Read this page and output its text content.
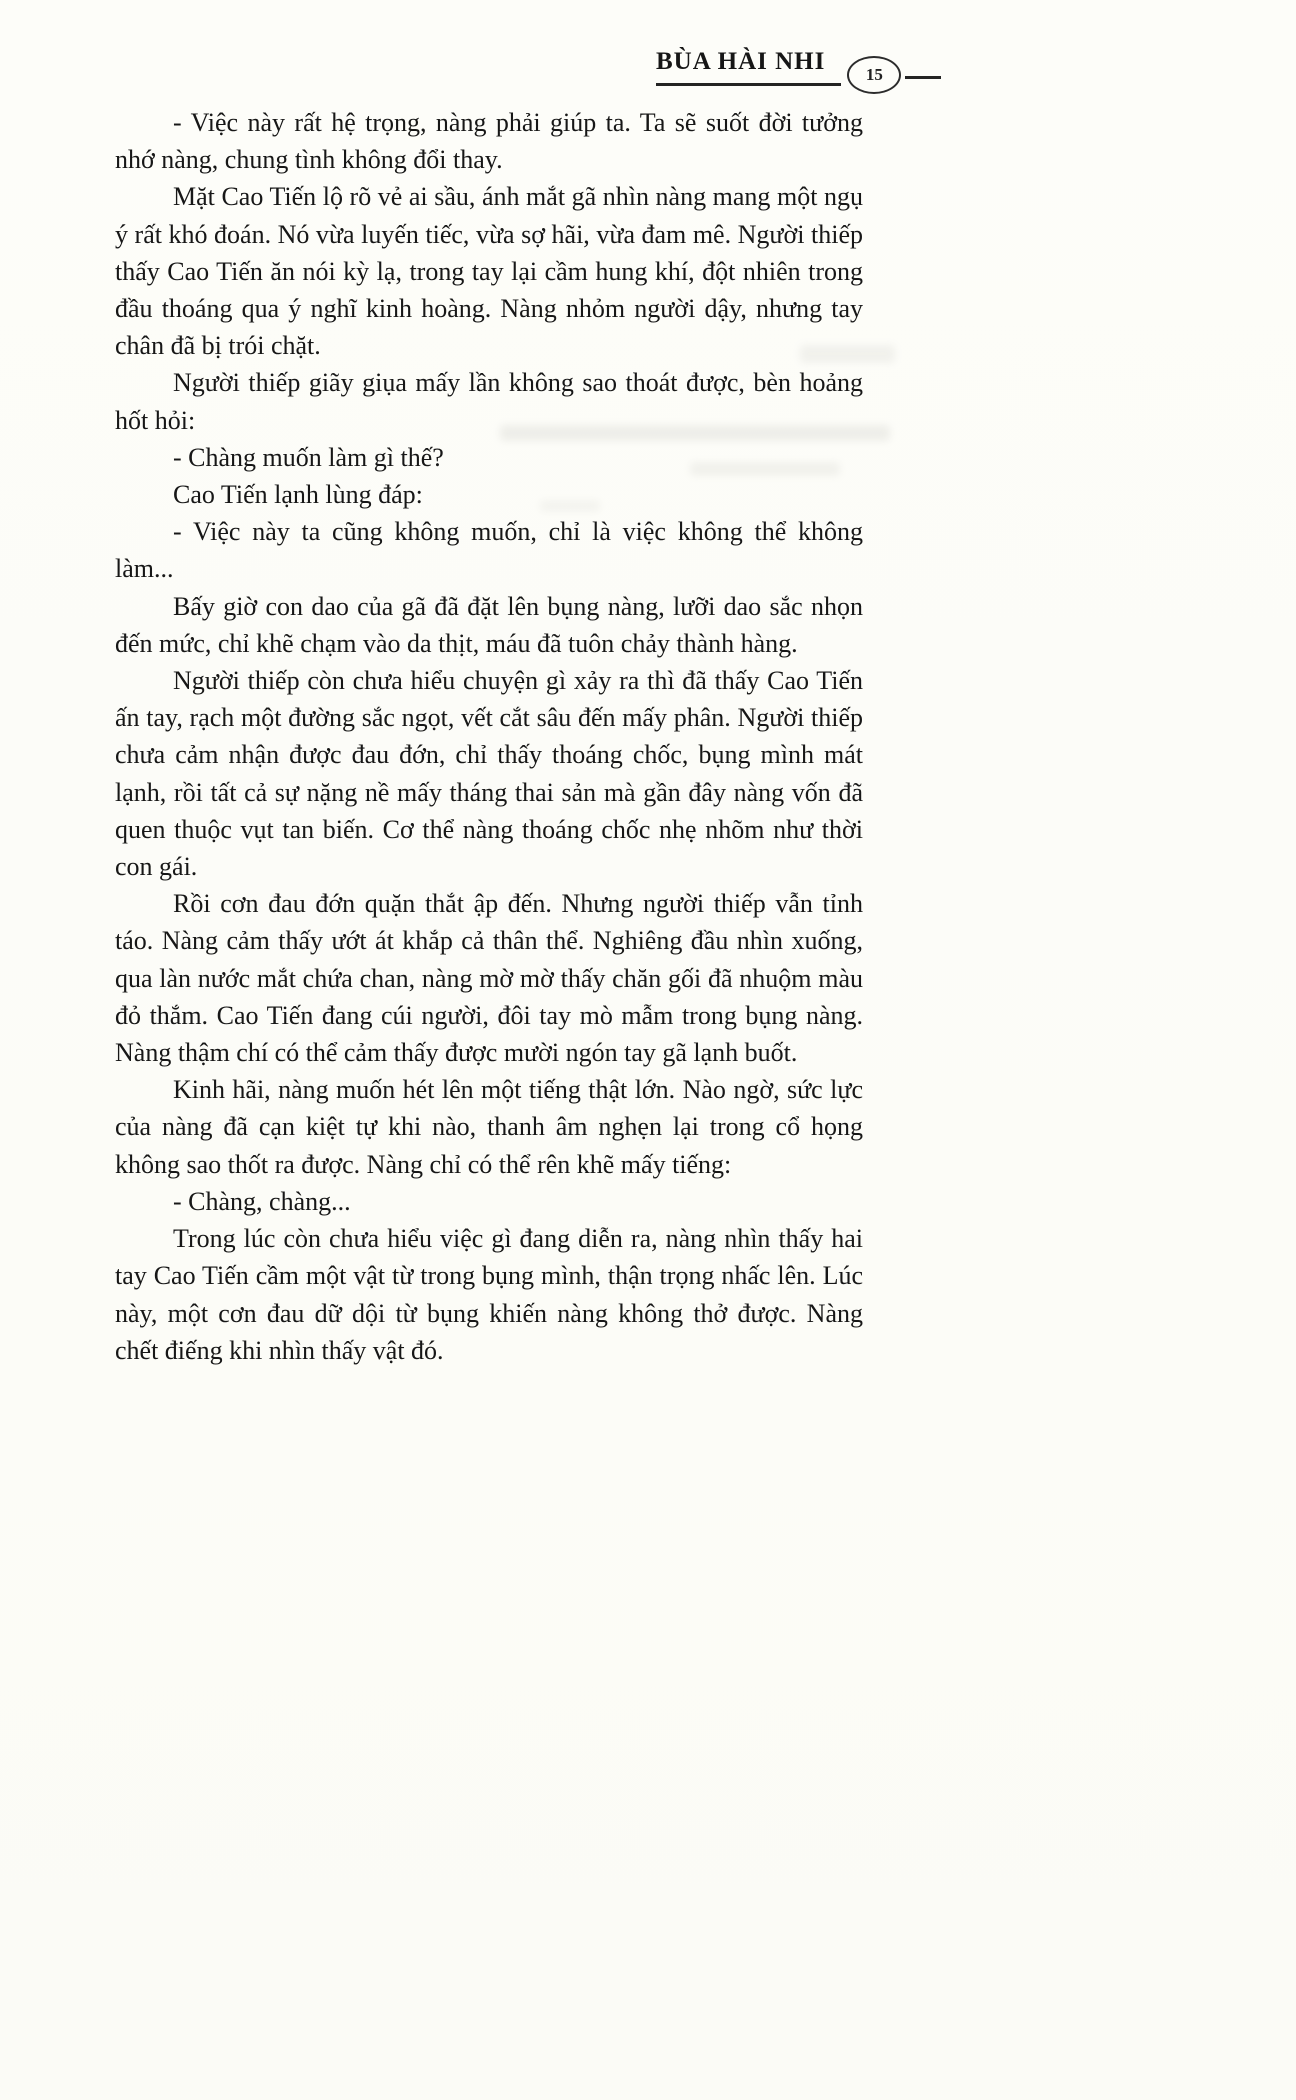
BÙA HÀI NHI	15

- Việc này rất hệ trọng, nàng phải giúp ta. Ta sẽ suốt đời tưởng nhớ nàng, chung tình không đổi thay.

Mặt Cao Tiến lộ rõ vẻ ai sầu, ánh mắt gã nhìn nàng mang một ngụ ý rất khó đoán. Nó vừa luyến tiếc, vừa sợ hãi, vừa đam mê. Người thiếp thấy Cao Tiến ăn nói kỳ lạ, trong tay lại cầm hung khí, đột nhiên trong đầu thoáng qua ý nghĩ kinh hoàng. Nàng nhỏm người dậy, nhưng tay chân đã bị trói chặt.

Người thiếp giãy giụa mấy lần không sao thoát được, bèn hoảng hốt hỏi:

- Chàng muốn làm gì thế?

Cao Tiến lạnh lùng đáp:

- Việc này ta cũng không muốn, chỉ là việc không thể không làm...

Bấy giờ con dao của gã đã đặt lên bụng nàng, lưỡi dao sắc nhọn đến mức, chỉ khẽ chạm vào da thịt, máu đã tuôn chảy thành hàng.

Người thiếp còn chưa hiểu chuyện gì xảy ra thì đã thấy Cao Tiến ấn tay, rạch một đường sắc ngọt, vết cắt sâu đến mấy phân. Người thiếp chưa cảm nhận được đau đớn, chỉ thấy thoáng chốc, bụng mình mát lạnh, rồi tất cả sự nặng nề mấy tháng thai sản mà gần đây nàng vốn đã quen thuộc vụt tan biến. Cơ thể nàng thoáng chốc nhẹ nhõm như thời con gái.

Rồi cơn đau đớn quặn thắt ập đến. Nhưng người thiếp vẫn tỉnh táo. Nàng cảm thấy ướt át khắp cả thân thể. Nghiêng đầu nhìn xuống, qua làn nước mắt chứa chan, nàng mờ mờ thấy chăn gối đã nhuộm màu đỏ thắm. Cao Tiến đang cúi người, đôi tay mò mẫm trong bụng nàng. Nàng thậm chí có thể cảm thấy được mười ngón tay gã lạnh buốt.

Kinh hãi, nàng muốn hét lên một tiếng thật lớn. Nào ngờ, sức lực của nàng đã cạn kiệt tự khi nào, thanh âm nghẹn lại trong cổ họng không sao thốt ra được. Nàng chỉ có thể rên khẽ mấy tiếng:

- Chàng, chàng...

Trong lúc còn chưa hiểu việc gì đang diễn ra, nàng nhìn thấy hai tay Cao Tiến cầm một vật từ trong bụng mình, thận trọng nhấc lên. Lúc này, một cơn đau dữ dội từ bụng khiến nàng không thở được. Nàng chết điếng khi nhìn thấy vật đó.
